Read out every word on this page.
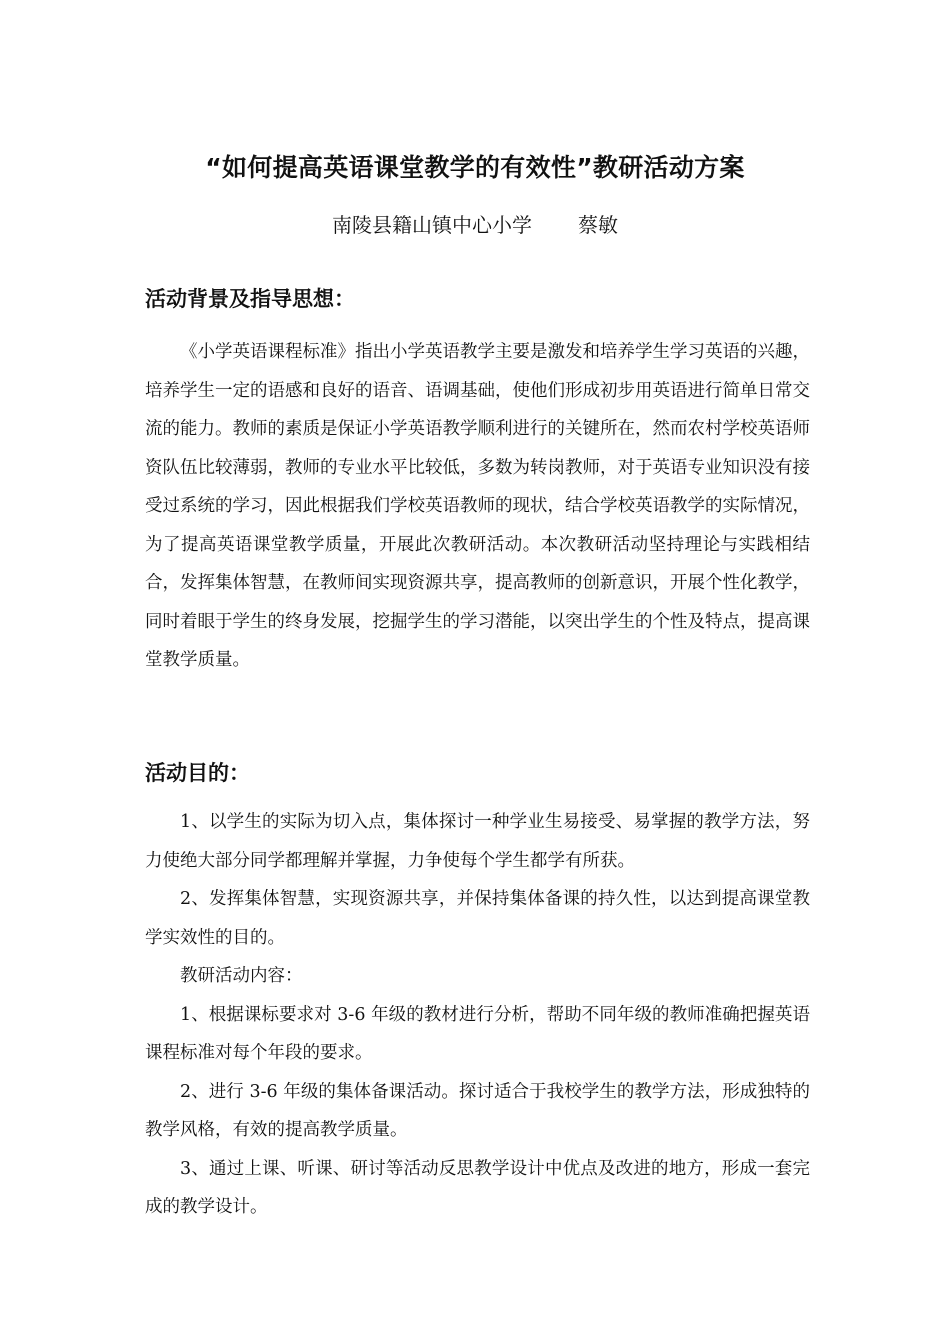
“如何提高英语课堂教学的有效性”教研活动方案
南陵县籍山镇中心小学 蔡敏
活动背景及指导思想：

《小学英语课程标准》指出小学英语教学主要是激发和培养学生学习英语的兴趣，培养学生一定的语感和良好的语音、语调基础，使他们形成初步用英语进行简单日常交流的能力。教师的素质是保证小学英语教学顺利进行的关键所在，然而农村学校英语师资队伍比较薄弱，教师的专业水平比较低，多数为转岗教师，对于英语专业知识没有接受过系统的学习，因此根据我们学校英语教师的现状，结合学校英语教学的实际情况，为了提高英语课堂教学质量，开展此次教研活动。本次教研活动坚持理论与实践相结合，发挥集体智慧，在教师间实现资源共享，提高教师的创新意识，开展个性化教学，同时着眼于学生的终身发展，挖掘学生的学习潜能，以突出学生的个性及特点，提高课堂教学质量。

活动目的：

1、以学生的实际为切入点，集体探讨一种学业生易接受、易掌握的教学方法，努力使绝大部分同学都理解并掌握，力争使每个学生都学有所获。

2、发挥集体智慧，实现资源共享，并保持集体备课的持久性，以达到提高课堂教学实效性的目的。

教研活动内容：

1、根据课标要求对 3-6 年级的教材进行分析，帮助不同年级的教师准确把握英语课程标准对每个年段的要求。

2、进行 3-6 年级的集体备课活动。探讨适合于我校学生的教学方法，形成独特的教学风格，有效的提高教学质量。

3、通过上课、听课、研讨等活动反思教学设计中优点及改进的地方，形成一套完成的教学设计。
